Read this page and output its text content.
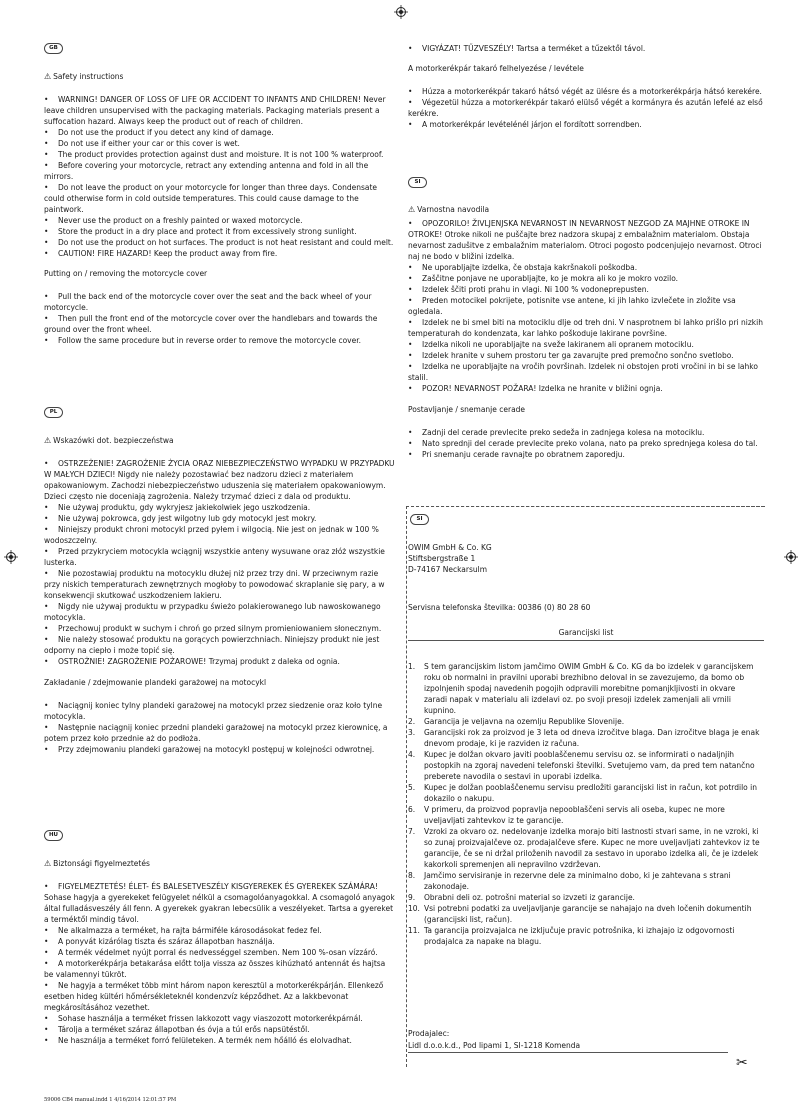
GB
⚠ Safety instructions
• WARNING! DANGER OF LOSS OF LIFE OR ACCIDENT TO INFANTS AND CHILDREN! Never leave children unsupervised with the packaging materials. Packaging materials present a suffocation hazard. Always keep the product out of reach of children.
• Do not use the product if you detect any kind of damage.
• Do not use if either your car or this cover is wet.
• The product provides protection against dust and moisture. It is not 100 % waterproof.
• Before covering your motorcycle, retract any extending antenna and fold in all the mirrors.
• Do not leave the product on your motorcycle for longer than three days. Condensate could otherwise form in cold outside temperatures. This could cause damage to the paintwork.
• Never use the product on a freshly painted or waxed motorcycle.
• Store the product in a dry place and protect it from excessively strong sunlight.
• Do not use the product on hot surfaces. The product is not heat resistant and could melt.
• CAUTION! FIRE HAZARD! Keep the product away from fire.
Putting on / removing the motorcycle cover
• Pull the back end of the motorcycle cover over the seat and the back wheel of your motorcycle.
• Then pull the front end of the motorcycle cover over the handlebars and towards the ground over the front wheel.
• Follow the same procedure but in reverse order to remove the motorcycle cover.
PL
⚠ Wskazówki dot. bezpieczeństwa
• OSTRZEŻENIE! ZAGROŻENIE ŻYCIA ORAZ NIEBEZPIECZEŃSTWO WYPADKU W PRZYPADKU W MAŁYCH DZIECI! Nigdy nie należy pozostawiać bez nadzoru dzieci z materiałem opakowaniowym. Zachodzi niebezpieczeństwo uduszenia się materiałem opakowaniowym. Dzieci często nie doceniają zagrożenia. Należy trzymać dzieci z dala od produktu.
• Nie używaj produktu, gdy wykryjesz jakiekolwiek jego uszkodzenia.
• Nie używaj pokrowca, gdy jest wilgotny lub gdy motocykl jest mokry.
• Niniejszy produkt chroni motocykl przed pyłem i wilgocią. Nie jest on jednak w 100 % wodoszczelny.
• Przed przykryciem motocykla wciągnij wszystkie anteny wysuwane oraz złóż wszystkie lusterka.
• Nie pozostawiaj produktu na motocyklu dłużej niż przez trzy dni. W przeciwnym razie przy niskich temperaturach zewnętrznych mogłoby to powodować skraplanie się pary, a w konsekwencji skutkować uszkodzeniem lakieru.
• Nigdy nie używaj produktu w przypadku świeżo polakierowanego lub nawoskowanego motocykla.
• Przechowuj produkt w suchym i chroń go przed silnym promieniowaniem słonecznym.
• Nie należy stosować produktu na gorących powierzchniach. Niniejszy produkt nie jest odporny na ciepło i może topić się.
• OSTROŻNIE! ZAGROŻENIE POŻAROWE! Trzymaj produkt z daleka od ognia.
Zakładanie / zdejmowanie plandeki garażowej na motocykl
• Naciągnij koniec tylny plandeki garażowej na motocykl przez siedzenie oraz koło tylne motocykla.
• Następnie naciągnij koniec przedni plandeki garażowej na motocykl przez kierownicę, a potem przez koło przednie aż do podłoża.
• Przy zdejmowaniu plandeki garażowej na motocykl postępuj w kolejności odwrotnej.
HU
⚠ Biztonsági figyelmeztetés
• FIGYELMEZTETÉS! ÉLET- ÉS BALESETVESZÉLY KISGYEREKEK ÉS GYEREKEK SZÁMÁRA! Sohase hagyja a gyerekeket felügyelet nélkül a csomagolóanyagokkal. A csomagoló anyagok által fulladásveszély áll fenn. A gyerekek gyakran lebecsülik a veszélyeket. Tartsa a gyereket a terméktől mindig távol.
• Ne alkalmazza a terméket, ha rajta bármiféle károsodásokat fedez fel.
• A ponyvát kizárólag tiszta és száraz állapotban használja.
• A termék védelmet nyújt porral és nedvességgel szemben. Nem 100 %-osan vízzáró.
• A motorkerékpárja betakarása előtt tolja vissza az összes kihúzható antennát és hajtsa be valamennyi tükröt.
• Ne hagyja a terméket több mint három napon keresztül a motorkerékpárján. Ellenkező esetben hideg kültéri hőmérsékleteknél kondenzvíz képződhet. Az a lakkbevonat megkárosításához vezethet.
• Sohase használja a terméket frissen lakkozott vagy viaszozott motorkerékpárnál.
• Tárolja a terméket száraz állapotban és óvja a túl erős napsütéstől.
• Ne használja a terméket forró felületeken. A termék nem hőálló és elolvadhat.
• VIGYÁZAT! TŰZVESZÉLY! Tartsa a terméket a tűzektől távol.
A motorkerékpár takaró felhelyezése / levétele
• Húzza a motorkerékpár takaró hátsó végét az ülésre és a motorkerékpárja hátsó kerekére.
• Végezetül húzza a motorkerékpár takaró elülső végét a kormányra és azután lefelé az első kerékre.
• A motorkerékpár levételénél járjon el fordított sorrendben.
SI
⚠ Varnostna navodila
• OPOZORILO! ŽIVLJENJSKA NEVARNOST IN NEVARNOST NEZGOD ZA MAJHNE OTROKE IN OTROKE! Otroke nikoli ne puščajte brez nadzora skupaj z embalažnim materialom. Obstaja nevarnost zadušitve z embalažnim materialom. Otroci pogosto podcenjujejo nevarnost. Otroci naj ne bodo v bližini izdelka.
• Ne uporabljajte izdelka, če obstaja kakršnakoli poškodba.
• Zaščitne ponjave ne uporabljajte, ko je mokra ali ko je mokro vozilo.
• Izdelek ščiti proti prahu in vlagi. Ni 100 % vodoneprepusten.
• Preden motocikel pokrijete, potisnite vse antene, ki jih lahko izvlečete in zložite vsa ogledala.
• Izdelek ne bi smel biti na motociklu dlje od treh dni. V nasprotnem bi lahko prišlo pri nizkih temperaturah do kondenzata, kar lahko poškoduje lakirane površine.
• Izdelka nikoli ne uporabljajte na sveže lakiranem ali opranem motociklu.
• Izdelek hranite v suhem prostoru ter ga zavarujte pred premočno sončno svetlobo.
• Izdelka ne uporabljajte na vročih površinah. Izdelek ni obstojen proti vročini in bi se lahko stalil.
• POZOR! NEVARNOST POŽARA! Izdelka ne hranite v bližini ognja.
Postavljanje / snemanje cerade
• Zadnji del cerade prevlecite preko sedeža in zadnjega kolesa na motociklu.
• Nato sprednji del cerade prevlecite preko volana, nato pa preko sprednjega kolesa do tal.
• Pri snemanju cerade ravnajte po obratnem zaporedju.
SI
OWIM GmbH & Co. KG
Stiftsbergstraße 1
D-74167 Neckarsulm
Servisna telefonska številka: 00386 (0) 80 28 60
Garancijski list
1. S tem garancijskim listom jamčimo OWIM GmbH & Co. KG da bo izdelek v garancijskem roku ob normalni in pravilni uporabi brezhibno deloval in se zavezujemo, da bomo ob izpolnjenih spodaj navedenih pogojih odpravili morebitne pomanjkljivosti in okvare zaradi napak v materialu ali izdelavi oz. po svoji presoji izdelek zamenjali ali vrnili kupnino.
2. Garancija je veljavna na ozemlju Republike Slovenije.
3. Garancijski rok za proizvod je 3 leta od dneva izročitve blaga. Dan izročitve blaga je enak dnevom prodaje, ki je razviden iz računa.
4. Kupec je dolžan okvaro javiti pooblaščenemu servisu oz. se informirati o nadaljnjih postopkih na zgoraj navedeni telefonski številki. Svetujemo vam, da pred tem natančno preberete navodila o sestavi in uporabi izdelka.
5. Kupec je dolžan pooblaščenemu servisu predložiti garancijski list in račun, kot potrdilo in dokazilo o nakupu.
6. V primeru, da proizvod popravlja nepooblaščeni servis ali oseba, kupec ne more uveljavljati zahtevkov iz te garancije.
7. Vzroki za okvaro oz. nedelovanje izdelka morajo biti lastnosti stvari same, in ne vzroki, ki so zunaj proizvajalčeve oz. prodajalčeve sfere. Kupec ne more uveljavljati zahtevkov iz te garancije, če se ni držal priloženih navodil za sestavo in uporabo izdelka ali, če je izdelek kakorkoli spremenjen ali nepravilno vzdrževan.
8. Jamčimo servisiranje in rezervne dele za minimalno dobo, ki je zahtevana s strani zakonodaje.
9. Obrabni deli oz. potrošni material so izvzeti iz garancije.
10. Vsi potrebni podatki za uveljavljanje garancije se nahajajo na dveh ločenih dokumentih (garancijski list, račun).
11. Ta garancija proizvajalca ne izključuje pravic potrošnika, ki izhajajo iz odgovornosti prodajalca za napake na blagu.
Prodajalec:
Lidl d.o.o.k.d., Pod lipami 1, SI-1218 Komenda
✂
59006 CB4 manual.indd 1 4/16/2014 12:01:57 PM
